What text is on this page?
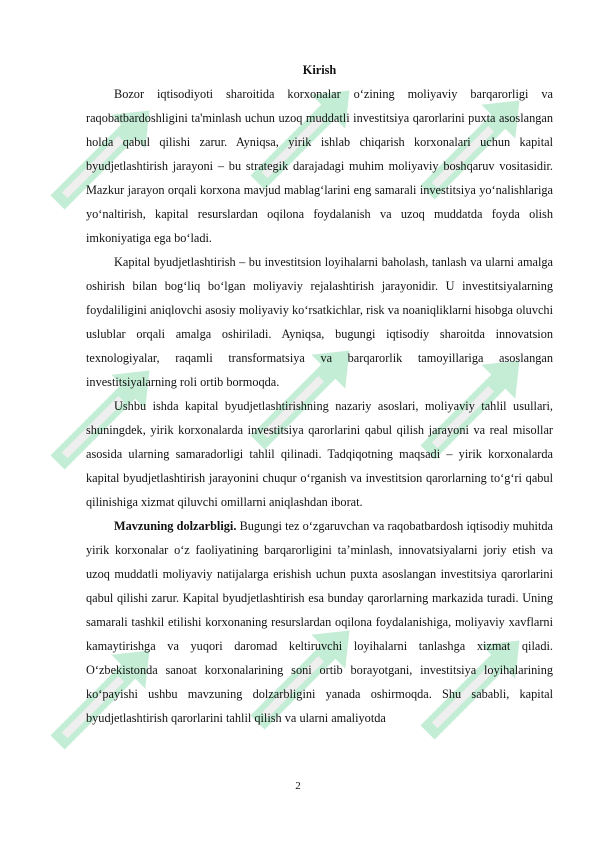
Kirish

Bozor iqtisodiyoti sharoitida korxonalar o‘zining moliyaviy barqarorligi va raqobatbardoshligini ta'minlash uchun uzoq muddatli investitsiya qarorlarini puxta asoslangan holda qabul qilishi zarur. Ayniqsa, yirik ishlab chiqarish korxonalari uchun kapital byudjetlashtirish jarayoni – bu strategik darajadagi muhim moliyaviy boshqaruv vositasidir. Mazkur jarayon orqali korxona mavjud mablag‘larini eng samarali investitsiya yo‘nalishlariga yo‘naltirish, kapital resurslardan oqilona foydalanish va uzoq muddatda foyda olish imkoniyatiga ega bo‘ladi.

Kapital byudjetlashtirish – bu investitsion loyihalarni baholash, tanlash va ularni amalga oshirish bilan bog‘liq bo‘lgan moliyaviy rejalashtirish jarayonidir. U investitsiyalarning foydaliligini aniqlovchi asosiy moliyaviy ko‘rsatkichlar, risk va noaniqliklarni hisobga oluvchi uslublar orqali amalga oshiriladi. Ayniqsa, bugungi iqtisodiy sharoitda innovatsion texnologiyalar, raqamli transformatsiya va barqarorlik tamoyillariga asoslangan investitsiyalarning roli ortib bormoqda.

Ushbu ishda kapital byudjetlashtirishning nazariy asoslari, moliyaviy tahlil usullari, shuningdek, yirik korxonalarda investitsiya qarorlarini qabul qilish jarayoni va real misollar asosida ularning samaradorligi tahlil qilinadi. Tadqiqotning maqsadi – yirik korxonalarda kapital byudjetlashtirish jarayonini chuqur o‘rganish va investitsion qarorlarning to‘g‘ri qabul qilinishiga xizmat qiluvchi omillarni aniqlashdan iborat.

Mavzuning dolzarbligi. Bugungi tez o‘zgaruvchan va raqobatbardosh iqtisodiy muhitda yirik korxonalar o‘z faoliyatining barqarorligini ta’minlash, innovatsiyalarni joriy etish va uzoq muddatli moliyaviy natijalarga erishish uchun puxta asoslangan investitsiya qarorlarini qabul qilishi zarur. Kapital byudjetlashtirish esa bunday qarorlarning markazida turadi. Uning samarali tashkil etilishi korxonaning resurslardan oqilona foydalanishiga, moliyaviy xavflarni kamaytirishga va yuqori daromad keltiruvchi loyihalarni tanlashga xizmat qiladi. O‘zbekistonda sanoat korxonalarining soni ortib borayotgani, investitsiya loyihalarining ko‘payishi ushbu mavzuning dolzarbligini yanada oshirmoqda. Shu sababli, kapital byudjetlashtirish qarorlarini tahlil qilish va ularni amaliyotda

2
